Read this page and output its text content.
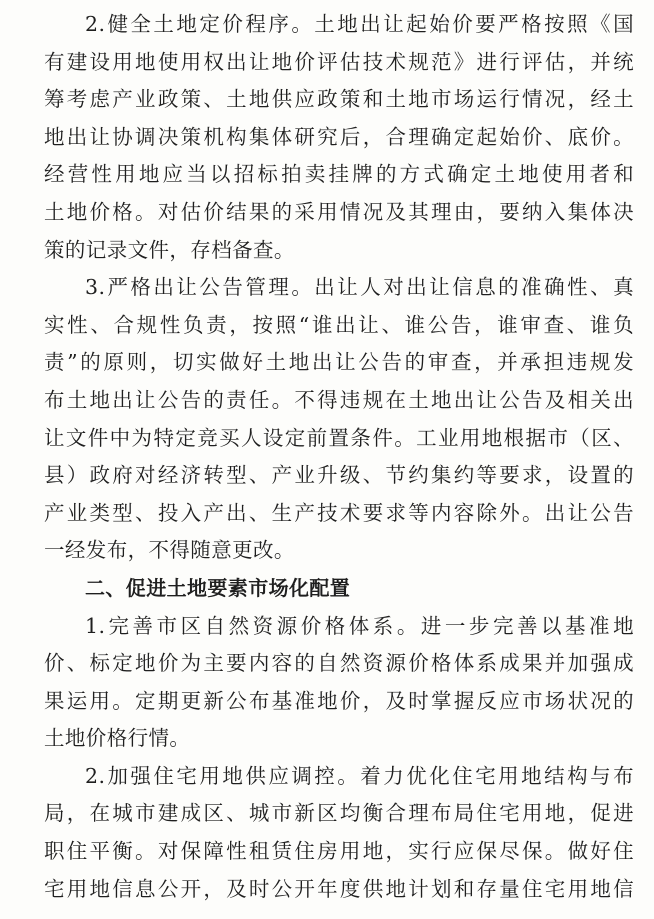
2.健全土地定价程序。土地出让起始价要严格按照《国
有建设用地使用权出让地价评估技术规范》进行评估，并统
筹考虑产业政策、土地供应政策和土地市场运行情况，经土
地出让协调决策机构集体研究后，合理确定起始价、底价。
经营性用地应当以招标拍卖挂牌的方式确定土地使用者和
土地价格。对估价结果的采用情况及其理由，要纳入集体决
策的记录文件，存档备查。
3.严格出让公告管理。出让人对出让信息的准确性、真
实性、合规性负责，按照“谁出让、谁公告，谁审查、谁负
责”的原则，切实做好土地出让公告的审查，并承担违规发
布土地出让公告的责任。不得违规在土地出让公告及相关出
让文件中为特定竞买人设定前置条件。工业用地根据市（区、
县）政府对经济转型、产业升级、节约集约等要求，设置的
产业类型、投入产出、生产技术要求等内容除外。出让公告
一经发布，不得随意更改。
二、促进土地要素市场化配置
1.完善市区自然资源价格体系。进一步完善以基准地
价、标定地价为主要内容的自然资源价格体系成果并加强成
果运用。定期更新公布基准地价，及时掌握反应市场状况的
土地价格行情。
2.加强住宅用地供应调控。着力优化住宅用地结构与布
局，在城市建成区、城市新区均衡合理布局住宅用地，促进
职住平衡。对保障性租赁住房用地，实行应保尽保。做好住
宅用地信息公开，及时公开年度供地计划和存量住宅用地信
